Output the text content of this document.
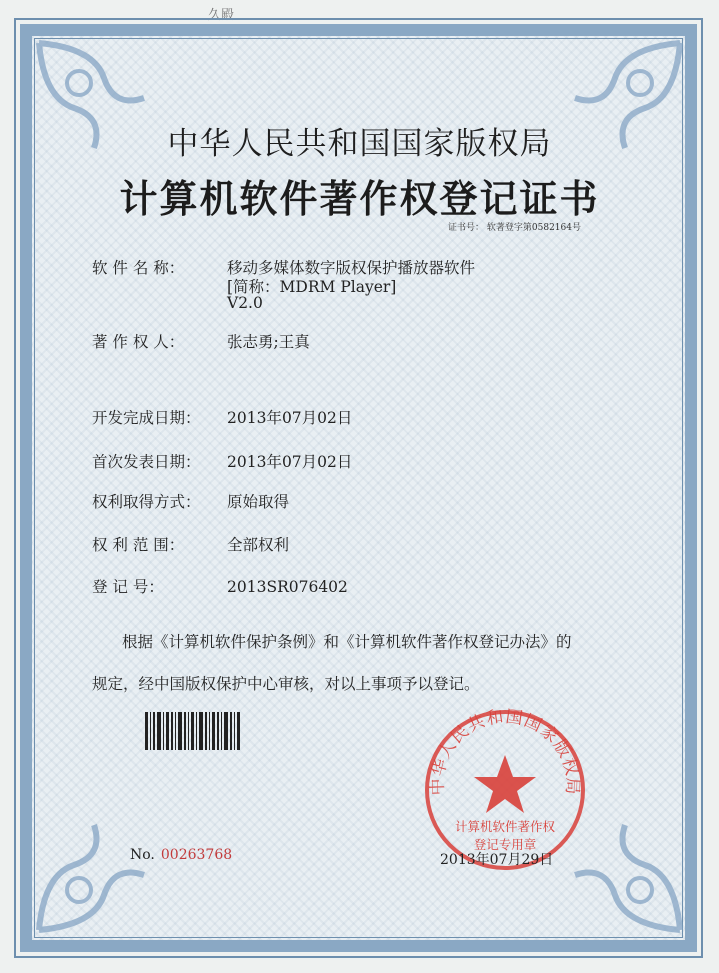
久殿
中华人民共和国国家版权局
计算机软件著作权登记证书
证书号： 软著登字第0582164号
软 件 名 称：	移动多媒体数字版权保护播放器软件
[简称：MDRM Player]
V2.0
著 作 权 人：	张志勇;王真
开发完成日期： 2013年07月02日
首次发表日期： 2013年07月02日
权利取得方式： 原始取得
权 利 范 围：	全部权利
登 记 号：	2013SR076402
根据《计算机软件保护条例》和《计算机软件著作权登记办法》的
规定，经中国版权保护中心审核，对以上事项予以登记。
中华人民共和国国家版权局
计算机软件著作权
登记专用章
No. 00263768	2013年07月29日
